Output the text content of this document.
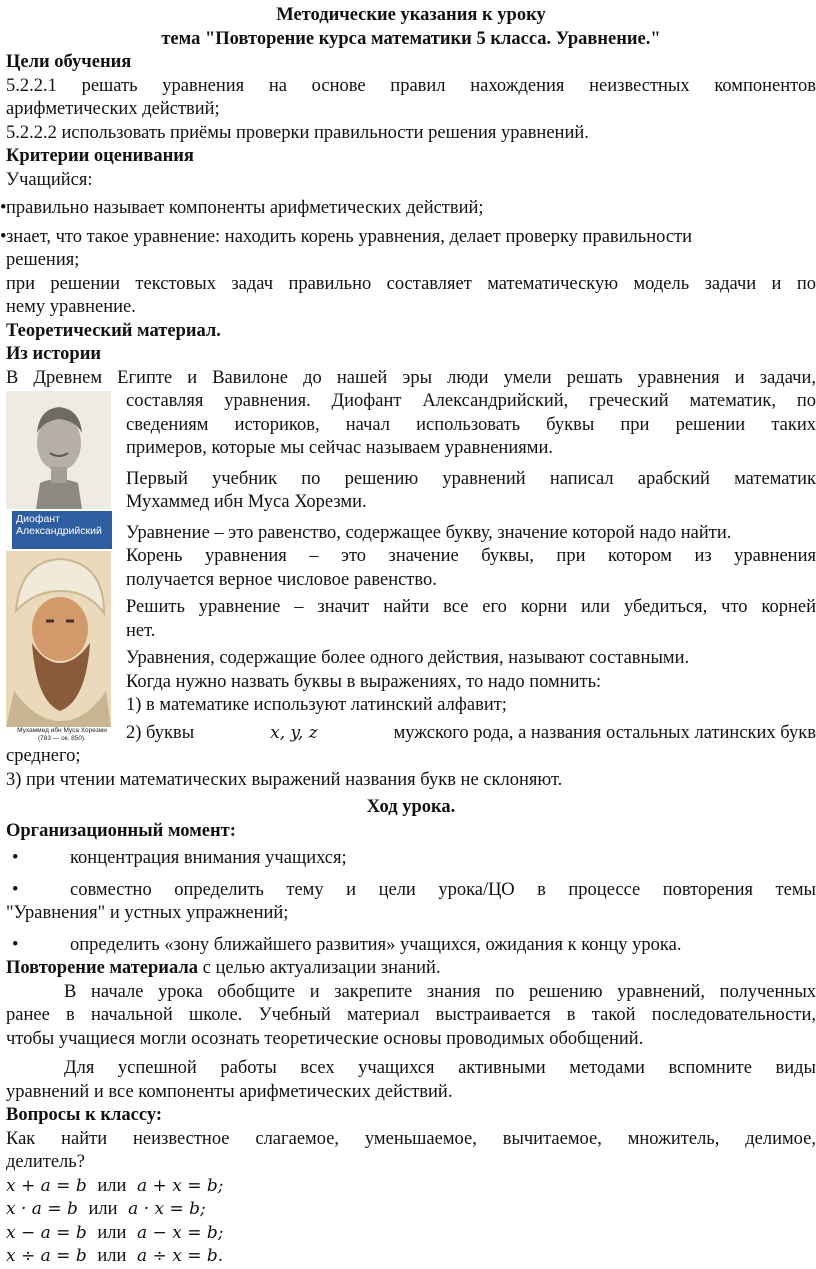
Методические указания к уроку
тема "Повторение курса математики 5 класса. Уравнение."
Цели обучения
5.2.2.1 решать уравнения на основе правил нахождения неизвестных компонентов
арифметических действий;
5.2.2.2 использовать приёмы проверки правильности решения уравнений.
Критерии оценивания
Учащийся:
• правильно называет компоненты арифметических действий;
• знает, что такое уравнение: находить корень уравнения, делает проверку правильности
решения;
при решении текстовых задач правильно составляет математическую модель задачи и по
нему уравнение.
Теоретический материал.
Из истории
Диофант Александрийский
Мухаммед ибн Муса Хорезми (783 — ок. 850).
В Древнем Египте и Вавилоне до нашей эры люди умели решать уравнения и задачи,
составляя уравнения. Диофант Александрийский, греческий математик, по
сведениям историков, начал использовать буквы при решении таких
примеров, которые мы сейчас называем уравнениями.
Первый учебник по решению уравнений написал арабский математик
Мухаммед ибн Муса Хорезми.
Уравнение – это равенство, содержащее букву, значение которой надо найти.
Корень уравнения – это значение буквы, при котором из уравнения
получается верное числовое равенство.
Решить уравнение – значит найти все его корни или убедиться, что корней
нет.
Уравнения, содержащие более одного действия, называют составными.
Когда нужно назвать буквы в выражениях, то надо помнить:
1) в математике используют латинский алфавит;
2) буквы	x, y, z	мужского рода, а названия остальных латинских букв
среднего;
3) при чтении математических выражений названия букв не склоняют.
Ход урока.
Организационный момент:
•	концентрация внимания учащихся;
•	совместно определить тему и цели урока/ЦО в процессе повторения темы
"Уравнения" и устных упражнений;
•	определить «зону ближайшего развития» учащихся, ожидания к концу урока.
Повторение материала с целью актуализации знаний.
В начале урока обобщите и закрепите знания по решению уравнений, полученных
ранее в начальной школе. Учебный материал выстраивается в такой последовательности,
чтобы учащиеся могли осознать теоретические основы проводимых обобщений.
Для успешной работы всех учащихся активными методами вспомните виды
уравнений и все компоненты арифметических действий.
Вопросы к классу:
Как найти неизвестное слагаемое, уменьшаемое, вычитаемое, множитель, делимое,
делитель?
x + a = b или a + x = b;
x · a = b или a · x = b;
x − a = b или a − x = b;
x ÷ a = b или a ÷ x = b.
